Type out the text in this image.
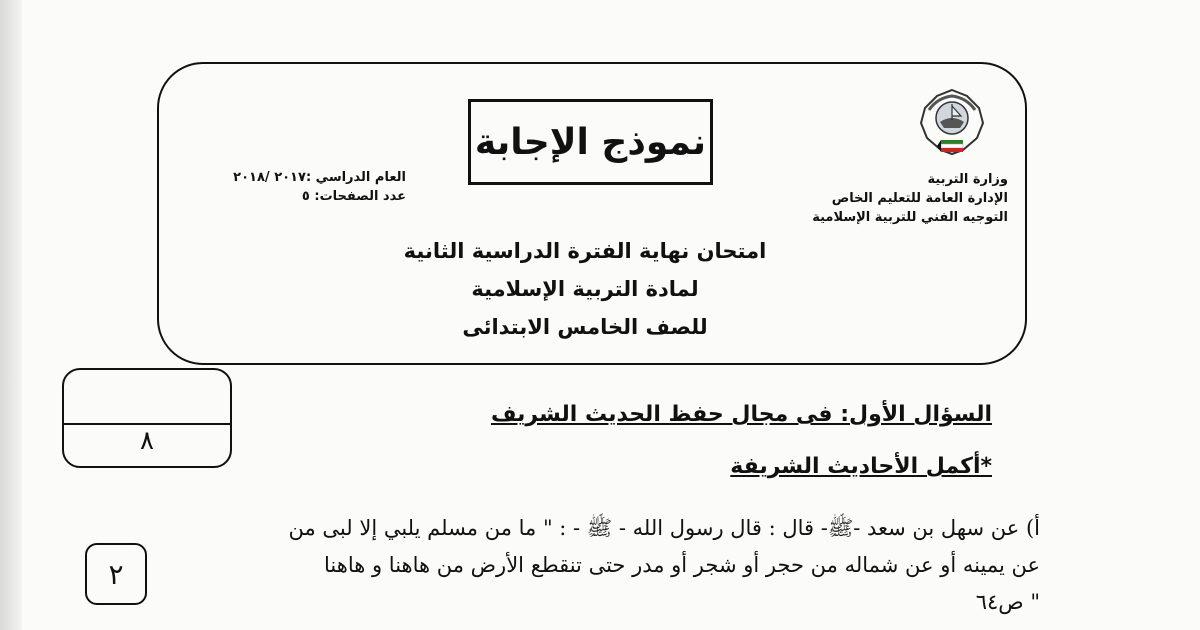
نموذج الإجابة
وزارة التربية
الإدارة العامة للتعليم الخاص
التوجيه الفني للتربية الإسلامية
العام الدراسي :٢٠١٧ /٢٠١٨
عدد الصفحات: ٥
امتحان نهاية الفترة الدراسية الثانية
لمادة التربية الإسلامية
للصف الخامس الابتدائى
٨
السؤال الأول: فى مجال حفظ الحديث الشريف
*أكمل الأحاديث الشريفة
أ) عن سهل بن سعد -ﷺ- قال : قال رسول الله - ﷺ - : " ما من مسلم يلبي إلا لبى من
عن يمينه أو عن شماله من حجر أو شجر أو مدر حتى تنقطع الأرض من هاهنا و هاهنا
" ص٦٤
٢
